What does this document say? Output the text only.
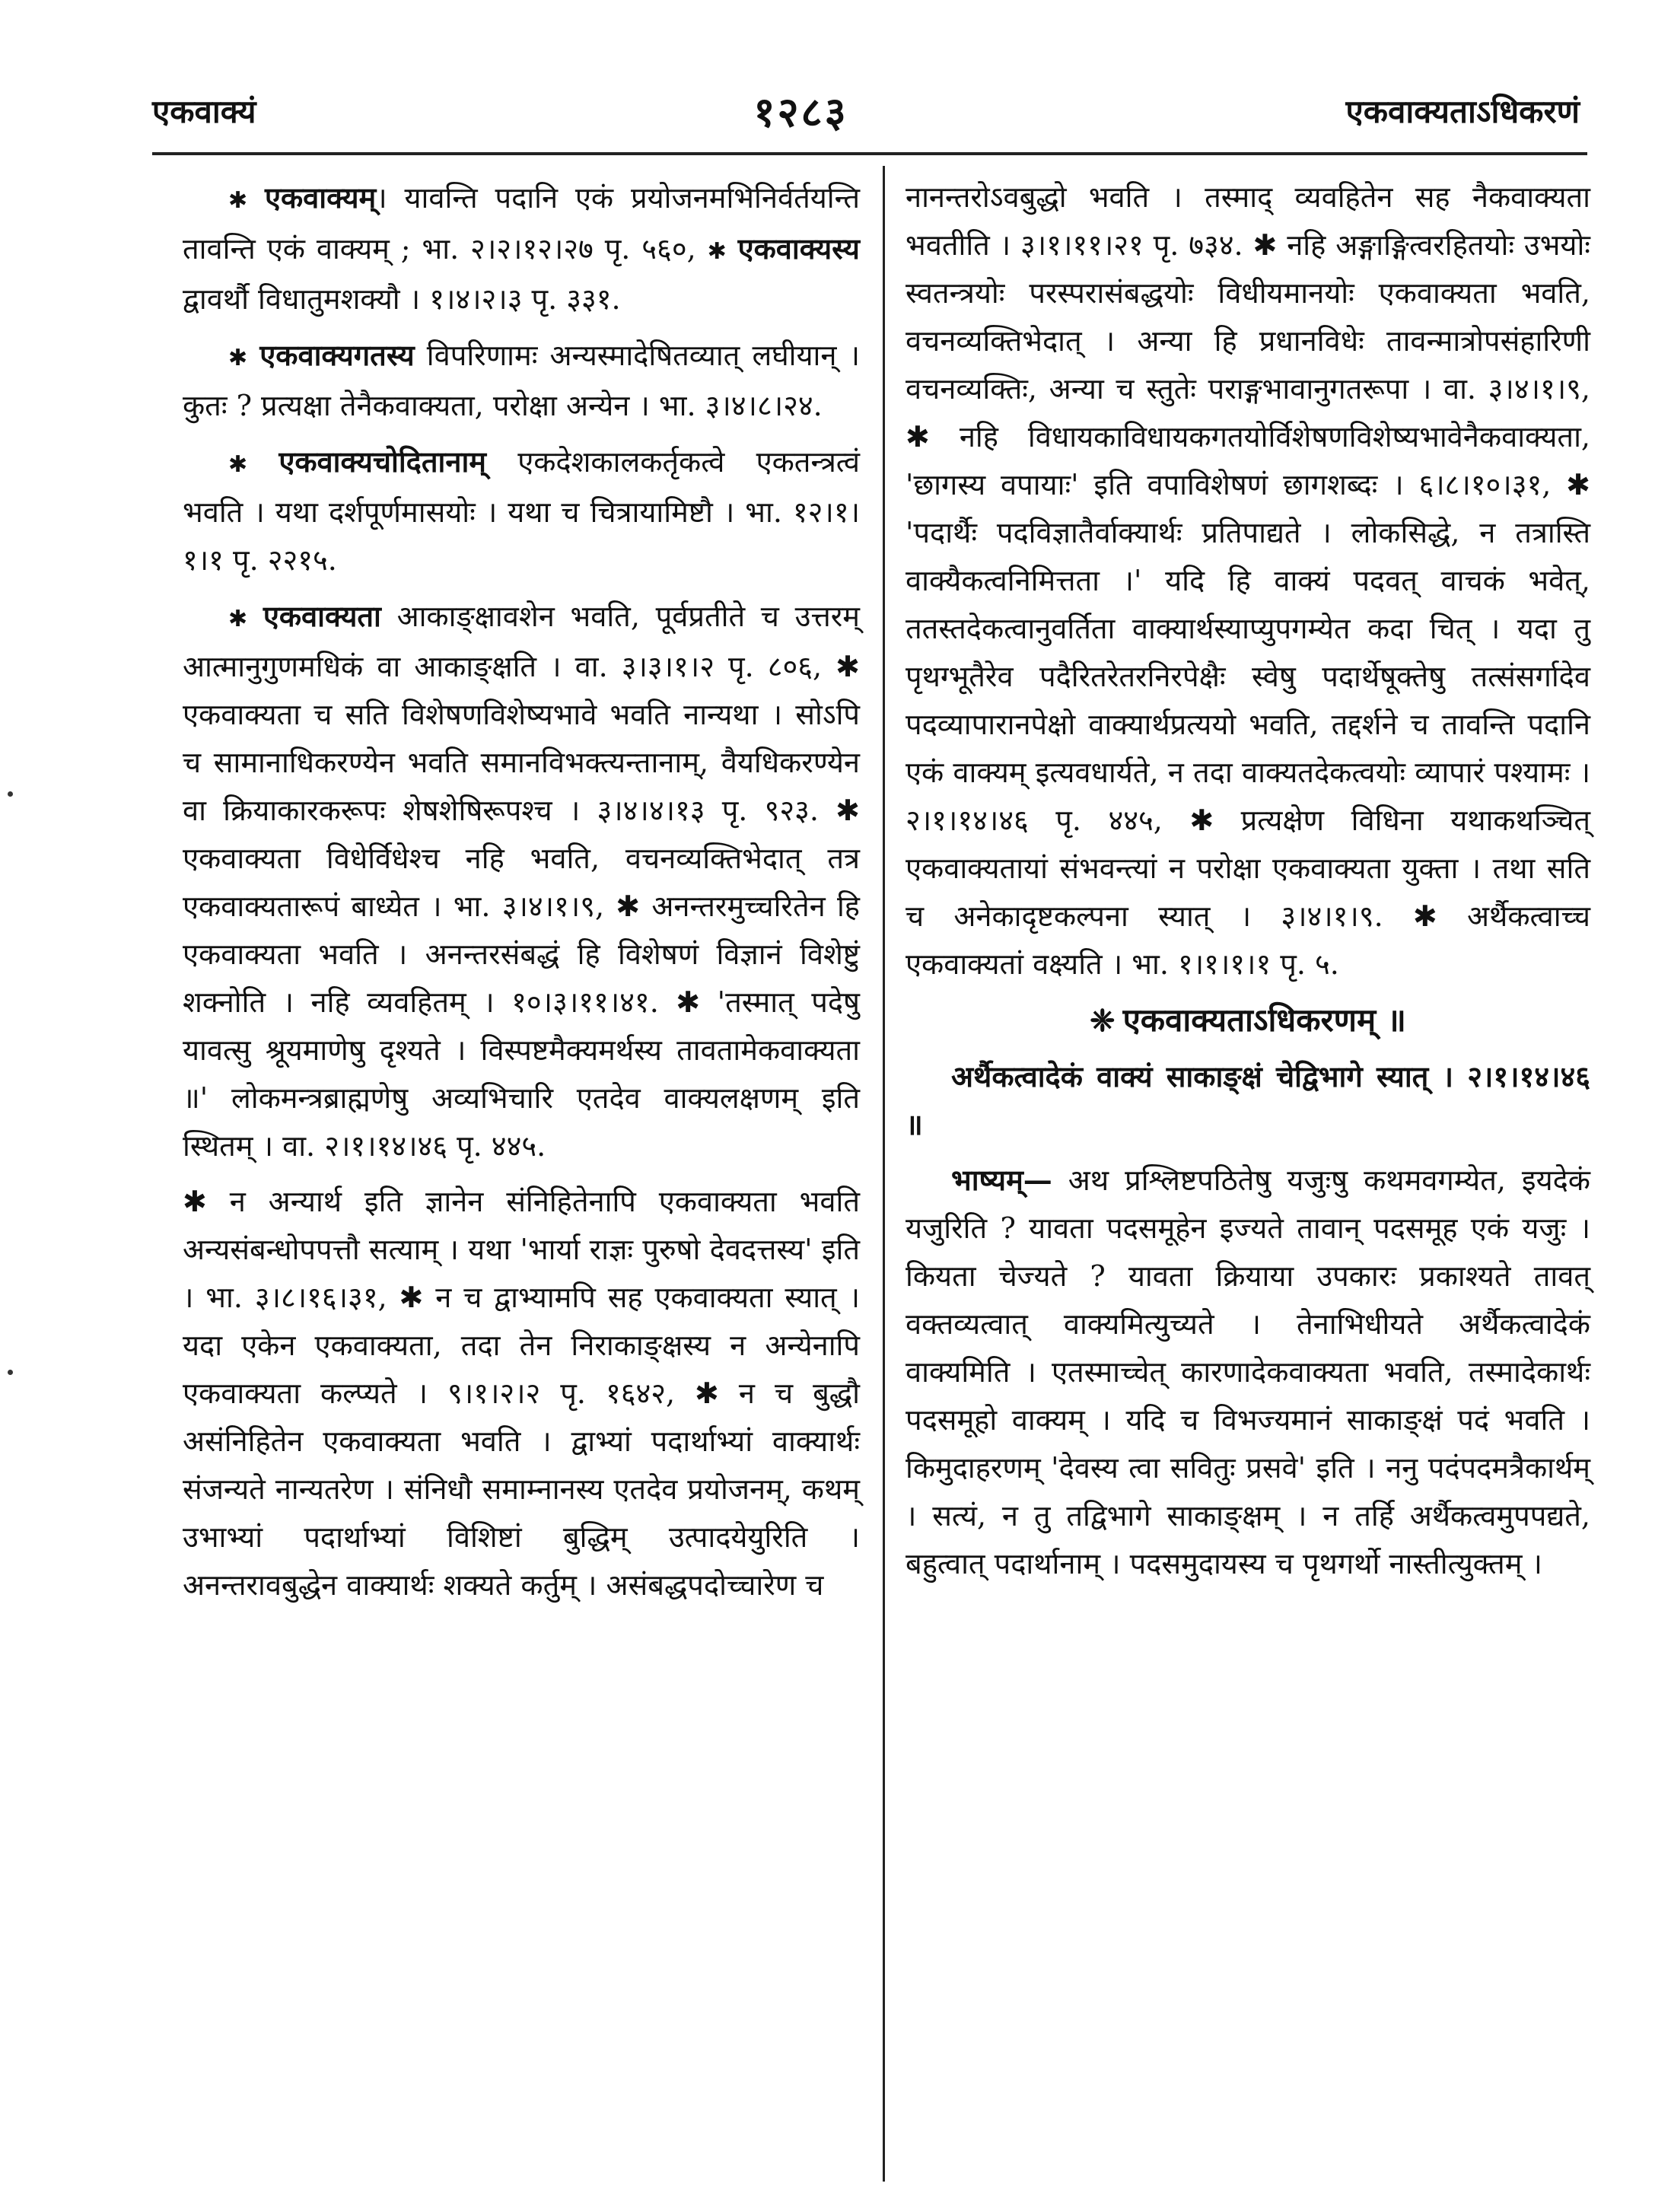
एकवाक्यं	१२८३	एकवाक्यताऽधिकरणं

✱ एकवाक्यम्। यावन्ति पदानि एकं प्रयोजनमभिनिर्वर्तयन्ति तावन्ति एकं वाक्यम् ; भा. २।२।१२।२७ पृ. ५६०, ✱ एकवाक्यस्य द्वावर्थौ विधातुमशक्यौ । १।४।२।३ पृ. ३३१.

✱ एकवाक्यगतस्य विपरिणामः अन्यस्मादेषितव्यात् लघीयान् । कुतः ? प्रत्यक्षा तेनैकवाक्यता, परोक्षा अन्येन । भा. ३।४।८।२४.

✱ एकवाक्यचोदितानाम् एकदेशकालकर्तृकत्वे एकतन्त्रत्वं भवति । यथा दर्शपूर्णमासयोः । यथा च चित्रायामिष्टौ । भा. १२।१।१।१ पृ. २२१५.

✱ एकवाक्यता आकाङ्क्षावशेन भवति, पूर्वप्रतीते च उत्तरम् आत्मानुगुणमधिकं वा आकाङ्क्षति । वा. ३।३।१।२ पृ. ८०६, ✱ एकवाक्यता च सति विशेषणविशेष्यभावे भवति नान्यथा । सोऽपि च सामानाधिकरण्येन भवति समानविभक्त्यन्तानाम्, वैयधिकरण्येन वा क्रियाकारकरूपः शेषशेषिरूपश्च । ३।४।४।१३ पृ. ९२३. ✱ एकवाक्यता विधेर्विधेश्च नहि भवति, वचनव्यक्तिभेदात् तत्र एकवाक्यतारूपं बाध्येत । भा. ३।४।१।९, ✱ अनन्तरमुच्चरितेन हि एकवाक्यता भवति । अनन्तरसंबद्धं हि विशेषणं विज्ञानं विशेष्टुं शक्नोति । नहि व्यवहितम् । १०।३।११।४१. ✱ 'तस्मात् पदेषु यावत्सु श्रूयमाणेषु दृश्यते । विस्पष्टमैक्यमर्थस्य तावतामेकवाक्यता ॥' लोकमन्त्रब्राह्मणेषु अव्यभिचारि एतदेव वाक्यलक्षणम् इति स्थितम् । वा. २।१।१४।४६ पृ. ४४५.

✱ न अन्यार्थ इति ज्ञानेन संनिहितेनापि एकवाक्यता भवति अन्यसंबन्धोपपत्तौ सत्याम् । यथा 'भार्या राज्ञः पुरुषो देवदत्तस्य' इति । भा. ३।८।१६।३१, ✱ न च द्वाभ्यामपि सह एकवाक्यता स्यात् । यदा एकेन एकवाक्यता, तदा तेन निराकाङ्क्षस्य न अन्येनापि एकवाक्यता कल्प्यते । ९।१।२।२ पृ. १६४२, ✱ न च बुद्धौ असंनिहितेन एकवाक्यता भवति । द्वाभ्यां पदार्थाभ्यां वाक्यार्थः संजन्यते नान्यतरेण । संनिधौ समाम्नानस्य एतदेव प्रयोजनम्, कथम् उभाभ्यां पदार्थाभ्यां विशिष्टां बुद्धिम् उत्पादयेयुरिति । अनन्तरावबुद्धेन वाक्यार्थः शक्यते कर्तुम् । असंबद्धपदोच्चारेण च

नानन्तरोऽवबुद्धो भवति । तस्माद् व्यवहितेन सह नैकवाक्यता भवतीति । ३।१।११।२१ पृ. ७३४. ✱ नहि अङ्गाङ्गित्वरहितयोः उभयोः स्वतन्त्रयोः परस्परासंबद्धयोः विधीयमानयोः एकवाक्यता भवति, वचनव्यक्तिभेदात् । अन्या हि प्रधानविधेः तावन्मात्रोपसंहारिणी वचनव्यक्तिः, अन्या च स्तुतेः पराङ्गभावानुगतरूपा । वा. ३।४।१।९, ✱ नहि विधायकाविधायकगतयोर्विशेषणविशेष्यभावेनैकवाक्यता, 'छागस्य वपायाः' इति वपाविशेषणं छागशब्दः । ६।८।१०।३१, ✱ 'पदार्थैः पदविज्ञातैर्वाक्यार्थः प्रतिपाद्यते । लोकसिद्धे, न तत्रास्ति वाक्यैकत्वनिमित्तता ।' यदि हि वाक्यं पदवत् वाचकं भवेत्, ततस्तदेकत्वानुवर्तिता वाक्यार्थस्याप्युपगम्येत कदा चित् । यदा तु पृथग्भूतैरेव पदैरितरेतरनिरपेक्षैः स्वेषु पदार्थेषूक्तेषु तत्संसर्गादेव पदव्यापारानपेक्षो वाक्यार्थप्रत्ययो भवति, तद्दर्शने च तावन्ति पदानि एकं वाक्यम् इत्यवधार्यते, न तदा वाक्यतदेकत्वयोः व्यापारं पश्यामः । २।१।१४।४६ पृ. ४४५, ✱ प्रत्यक्षेण विधिना यथाकथञ्चित् एकवाक्यतायां संभवन्त्यां न परोक्षा एकवाक्यता युक्ता । तथा सति च अनेकादृष्टकल्पना स्यात् । ३।४।१।९. ✱ अर्थैकत्वाच्च एकवाक्यतां वक्ष्यति । भा. १।१।१।१ पृ. ५.

❈ एकवाक्यताऽधिकरणम् ॥

अर्थैकत्वादेकं वाक्यं साकाङ्क्षं चेद्विभागे स्यात् । २।१।१४।४६ ॥

भाष्यम्— अथ प्रश्लिष्टपठितेषु यजुःषु कथमवगम्येत, इयदेकं यजुरिति ? यावता पदसमूहेन इज्यते तावान् पदसमूह एकं यजुः । कियता चेज्यते ? यावता क्रियाया उपकारः प्रकाश्यते तावत् वक्तव्यत्वात् वाक्यमित्युच्यते । तेनाभिधीयते अर्थैकत्वादेकं वाक्यमिति । एतस्माच्चेत् कारणादेकवाक्यता भवति, तस्मादेकार्थः पदसमूहो वाक्यम् । यदि च विभज्यमानं साकाङ्क्षं पदं भवति । किमुदाहरणम् 'देवस्य त्वा सवितुः प्रसवे' इति । ननु पदंपदमत्रैकार्थम् । सत्यं, न तु तद्विभागे साकाङ्क्षम् । न तर्हि अर्थैकत्वमुपपद्यते, बहुत्वात् पदार्थानाम् । पदसमुदायस्य च पृथगर्थो नास्तीत्युक्तम् ।
